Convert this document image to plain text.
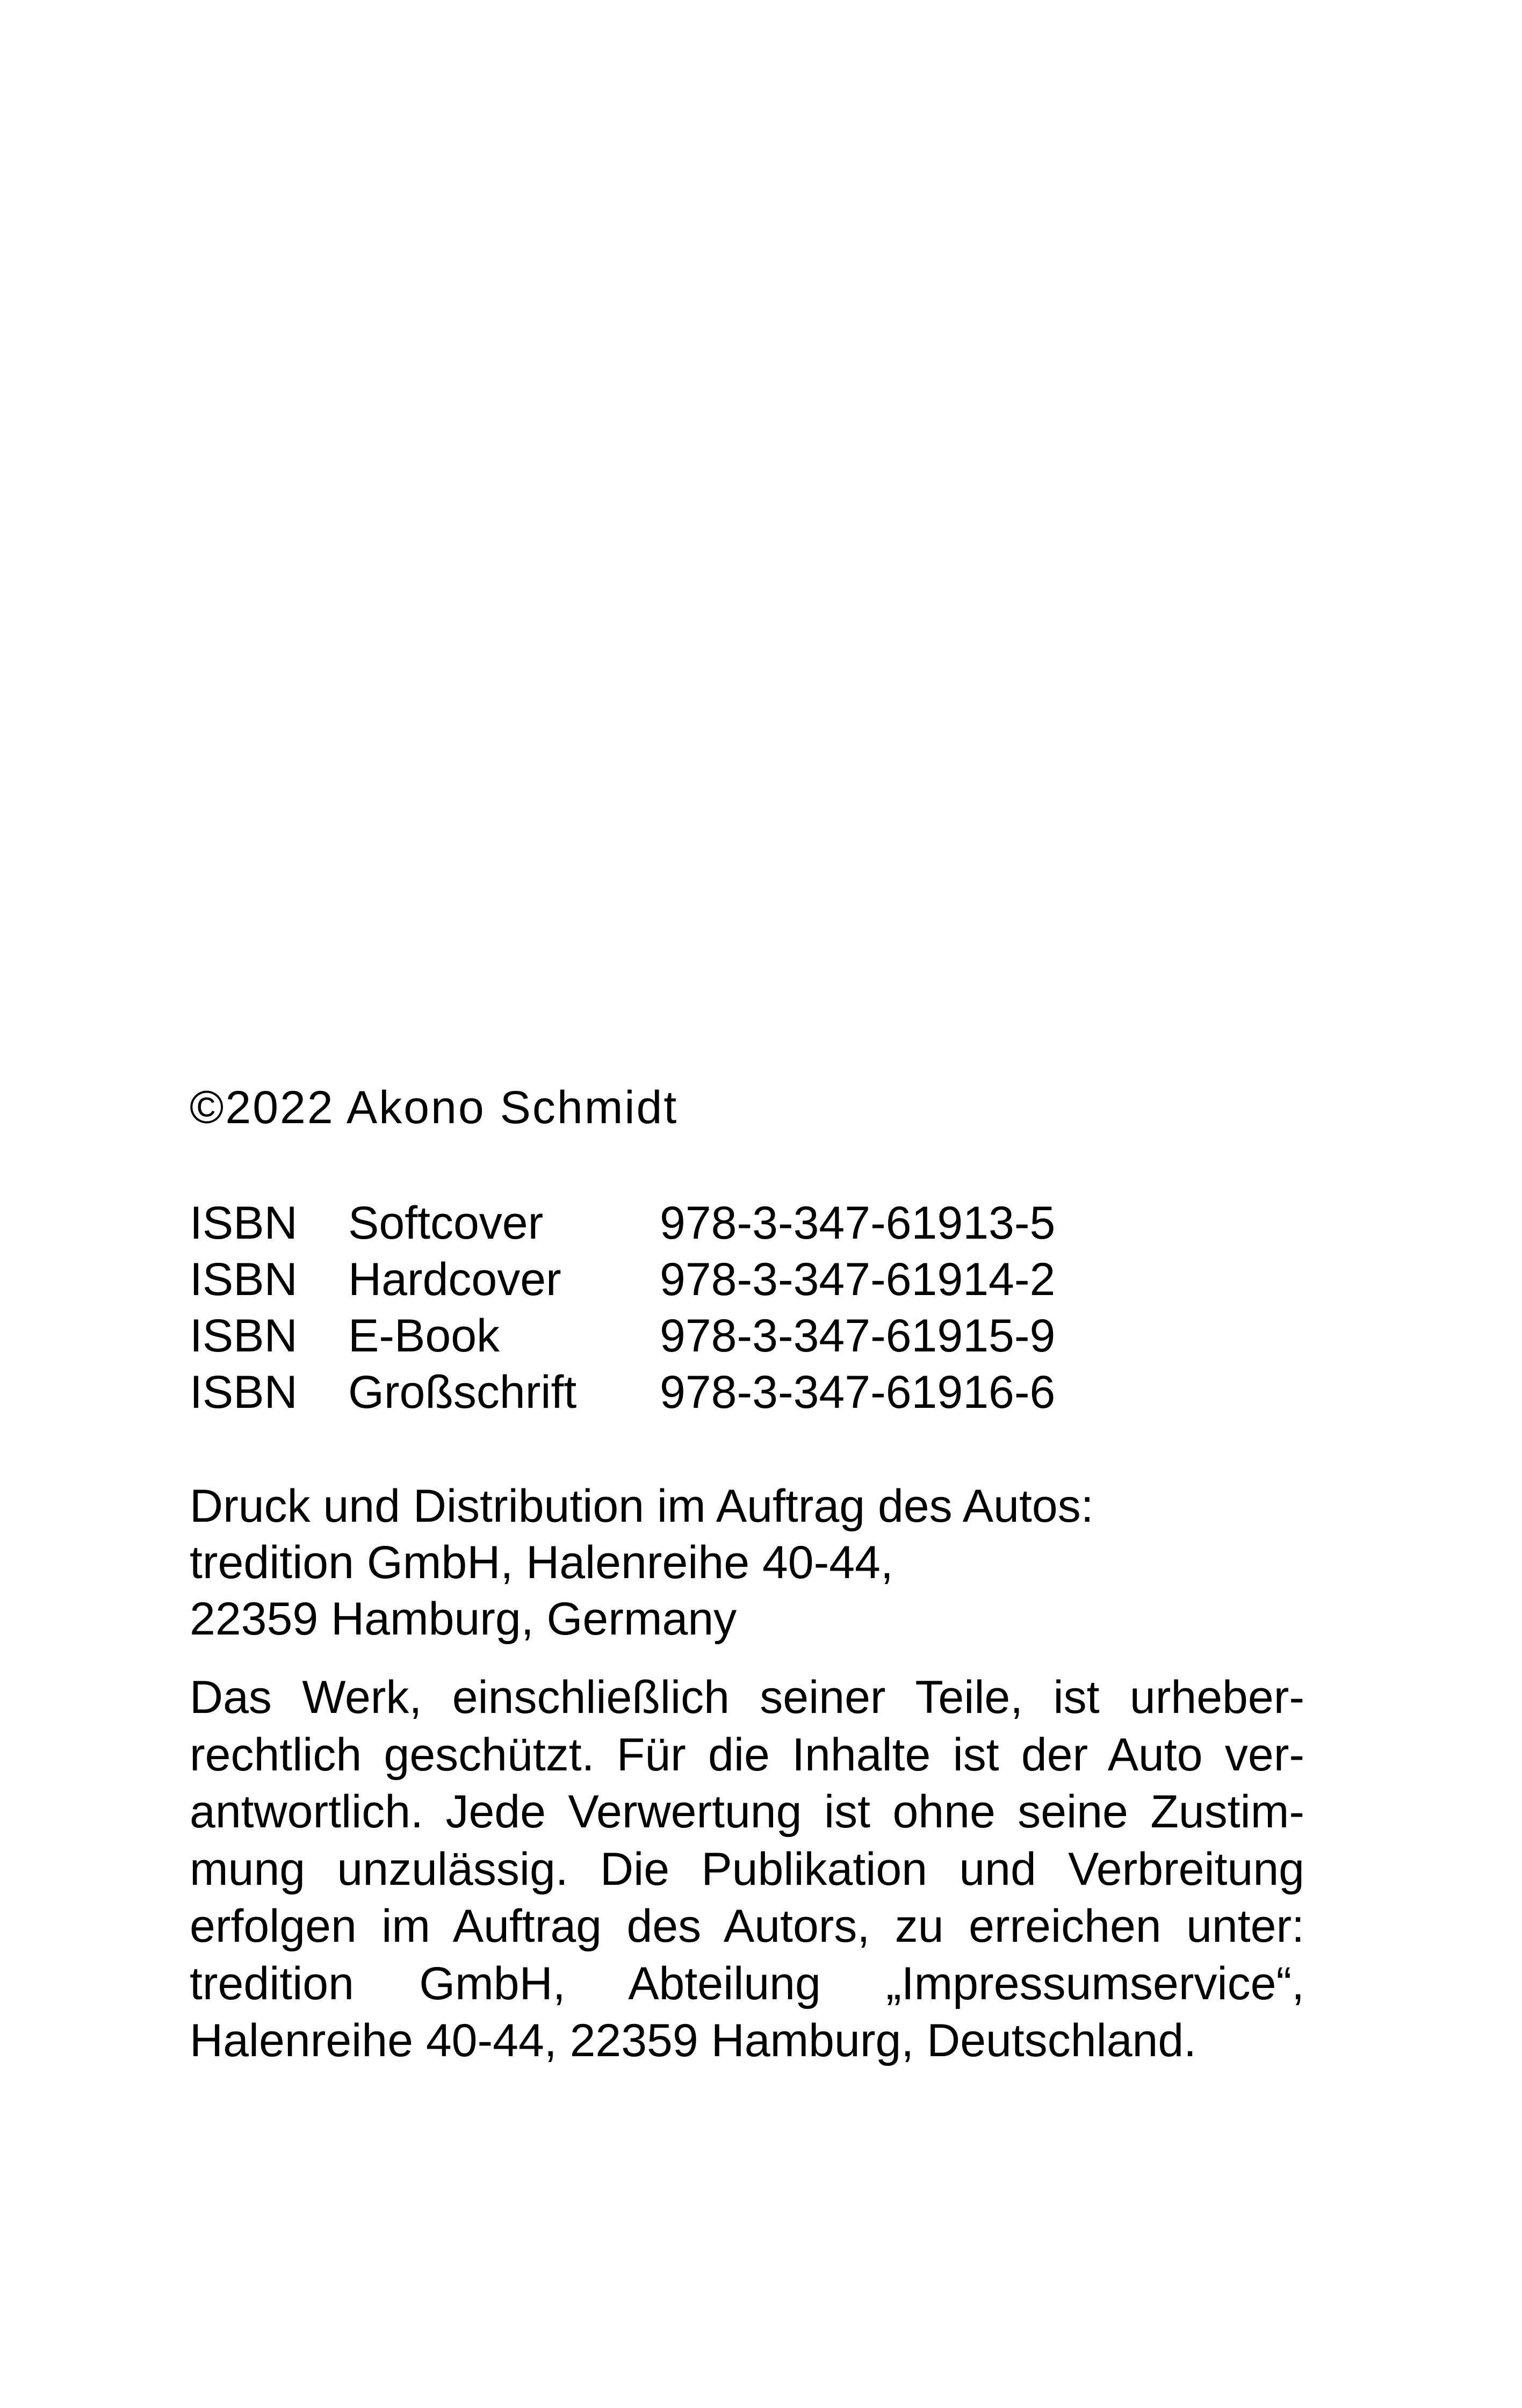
©2022 Akono Schmidt

ISBN	Softcover	978-3-347-61913-5
ISBN	Hardcover	978-3-347-61914-2
ISBN	E-Book	978-3-347-61915-9
ISBN	Großschrift	978-3-347-61916-6
Druck und Distribution im Auftrag des Autos:
tredition GmbH, Halenreihe 40-44,
22359 Hamburg, Germany

Das Werk, einschließlich seiner Teile, ist urheberrechtlich geschützt. Für die Inhalte ist der Auto verantwortlich. Jede Verwertung ist ohne seine Zustimmung unzulässig. Die Publikation und Verbreitung erfolgen im Auftrag des Autors, zu erreichen unter: tredition GmbH, Abteilung „Impressumservice“, Halenreihe 40-44, 22359 Hamburg, Deutschland.
